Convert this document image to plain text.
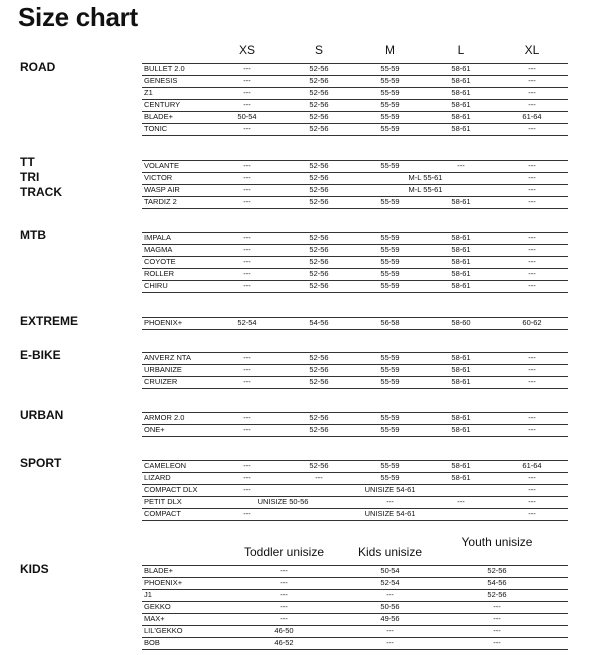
Size chart
XS	S	M	L	XL
ROAD	BULLET 2.0	---	52-56	55-59	58-61	---
GENESIS	---	52-56	55-59	58-61	---
Z1	---	52-56	55-59	58-61	---
CENTURY	---	52-56	55-59	58-61	---
BLADE+	50-54	52-56	55-59	58-61	61-64
TONIC	---	52-56	55-59	58-61	---
TT
TRI
TRACK
VOLANTE	---	52-56	55-59	---	---
VICTOR	---	52-56	M-L 55-61	---
WASP AIR	---	52-56	M-L 55-61	---
TARDIZ 2	---	52-56	55-59	58-61	---
MTB	IMPALA	---	52-56	55-59	58-61	---
MAGMA	---	52-56	55-59	58-61	---
COYOTE	---	52-56	55-59	58-61	---
ROLLER	---	52-56	55-59	58-61	---
CHIRU	---	52-56	55-59	58-61	---
EXTREME	PHOENIX+	52-54	54-56	56-58	58-60	60-62
E-BIKE	ANVERZ NTA	---	52-56	55-59	58-61	---
URBANIZE	---	52-56	55-59	58-61	---
CRUIZER	---	52-56	55-59	58-61	---
URBAN	ARMOR 2.0	---	52-56	55-59	58-61	---
ONE+	---	52-56	55-59	58-61	---
SPORT	CAMELEON	---	52-56	55-59	58-61	61-64
LIZARD	---	---	55-59	58-61	---
COMPACT DLX	---	UNISIZE 54-61	---
PETIT DLX	UNISIZE 50-56	---	---	---
COMPACT	---	UNISIZE 54-61	---
Toddler unisize	Kids unisize
Youth unisize
KIDS	BLADE+	---	50-54	52-56
PHOENIX+	---	52-54	54-56
J1	---	---	52-56
GEKKO	---	50-56	---
MAX+	---	49-56	---
LIL'GEKKO	46-50	---	---
BOB	46-52	---	---
